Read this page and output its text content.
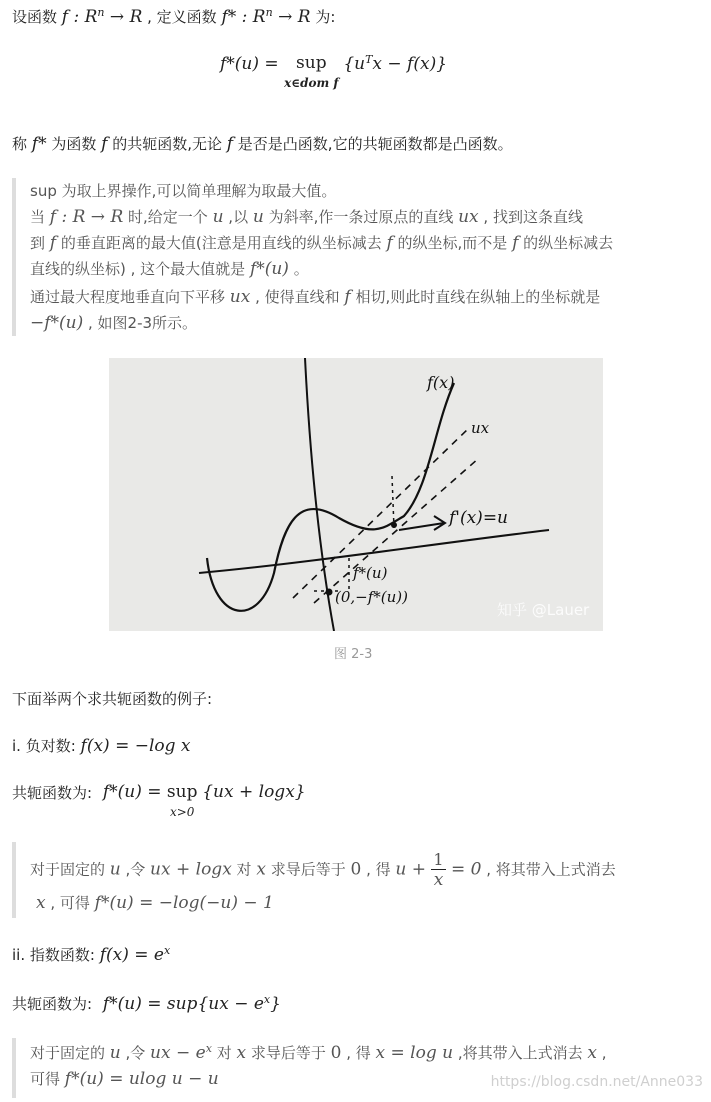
设函数 f : $R^n \to R$ , 定义函数 f* : $R^n \to R$ 为:
f*(u) = sup
x∈dom f $\{u^Tx - f(x)\}$
称 f* 为函数 f 的共轭函数,无论 f 是否是凸函数,它的共轭函数都是凸函数。
sup 为取上界操作,可以简单理解为取最大值。
当 f : R → R 时,给定一个 u ,以 u 为斜率,作一条过原点的直线 ux , 找到这条直线
到 f 的垂直距离的最大值(注意是用直线的纵坐标减去 f 的纵坐标,而不是 f 的纵坐标减去
直线的纵坐标) , 这个最大值就是 f*(u) 。
通过最大程度地垂直向下平移 ux , 使得直线和 f 相切,则此时直线在纵轴上的坐标就是
−f*(u) , 如图2-3所示。
f(x)
ux
f'(x)=u
f*(u)
(0,−f*(u))
知乎 @Lauer
图 2-3
下面举两个求共轭函数的例子:
i. 负对数: f(x) = −log x
共轭函数为: f*(u) = sup
x>0 {ux + logx}
对于固定的 u ,令 ux + logx 对 x 求导后等于 0 , 得 $u + \frac{1}{x} = 0$ , 将其带入上式消去
x , 可得 f*(u) = −log(−u) − 1
ii. 指数函数: $f(x) = e^x$
共轭函数为: $f*(u) = sup\{ux - e^x\}$
对于固定的 u ,令 ux − $e^x$ 对 x 求导后等于 0 , 得 x = log u ,将其带入上式消去 x ,
可得 f*(u) = ulog u − u	https://blog.csdn.net/Anne033
